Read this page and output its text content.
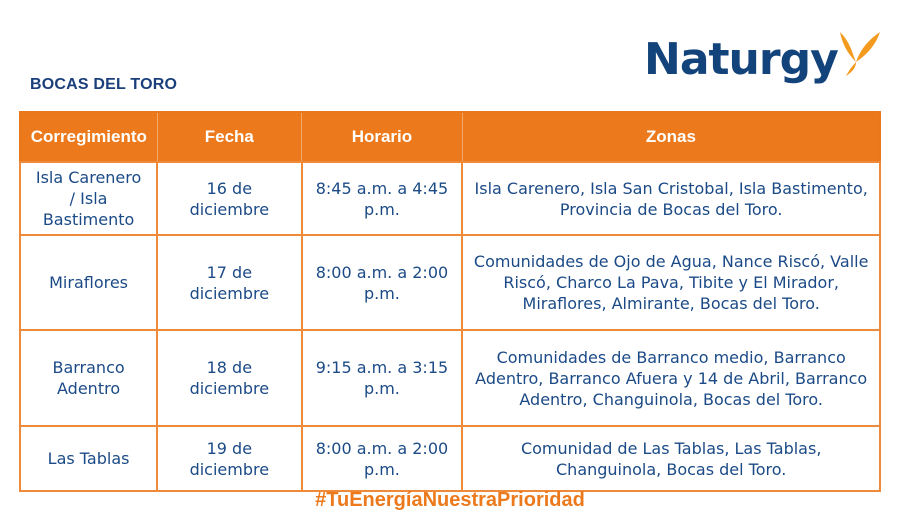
BOCAS DEL TORO	Naturgy
Corregimiento	Fecha	Horario	Zonas
Isla Carenero / Isla Bastimento	16 de diciembre	8:45 a.m. a 4:45 p.m.	Isla Carenero, Isla San Cristobal, Isla Bastimento, Provincia de Bocas del Toro.
Miraflores	17 de diciembre	8:00 a.m. a 2:00 p.m.	Comunidades de Ojo de Agua, Nance Riscó, Valle Riscó, Charco La Pava, Tibite y El Mirador, Miraflores, Almirante, Bocas del Toro.
Barranco Adentro	18 de diciembre	9:15 a.m. a 3:15 p.m.	Comunidades de Barranco medio, Barranco Adentro, Barranco Afuera y 14 de Abril, Barranco Adentro, Changuinola, Bocas del Toro.
Las Tablas	19 de diciembre	8:00 a.m. a 2:00 p.m.	Comunidad de Las Tablas, Las Tablas, Changuinola, Bocas del Toro.
#TuEnergíaNuestraPrioridad
